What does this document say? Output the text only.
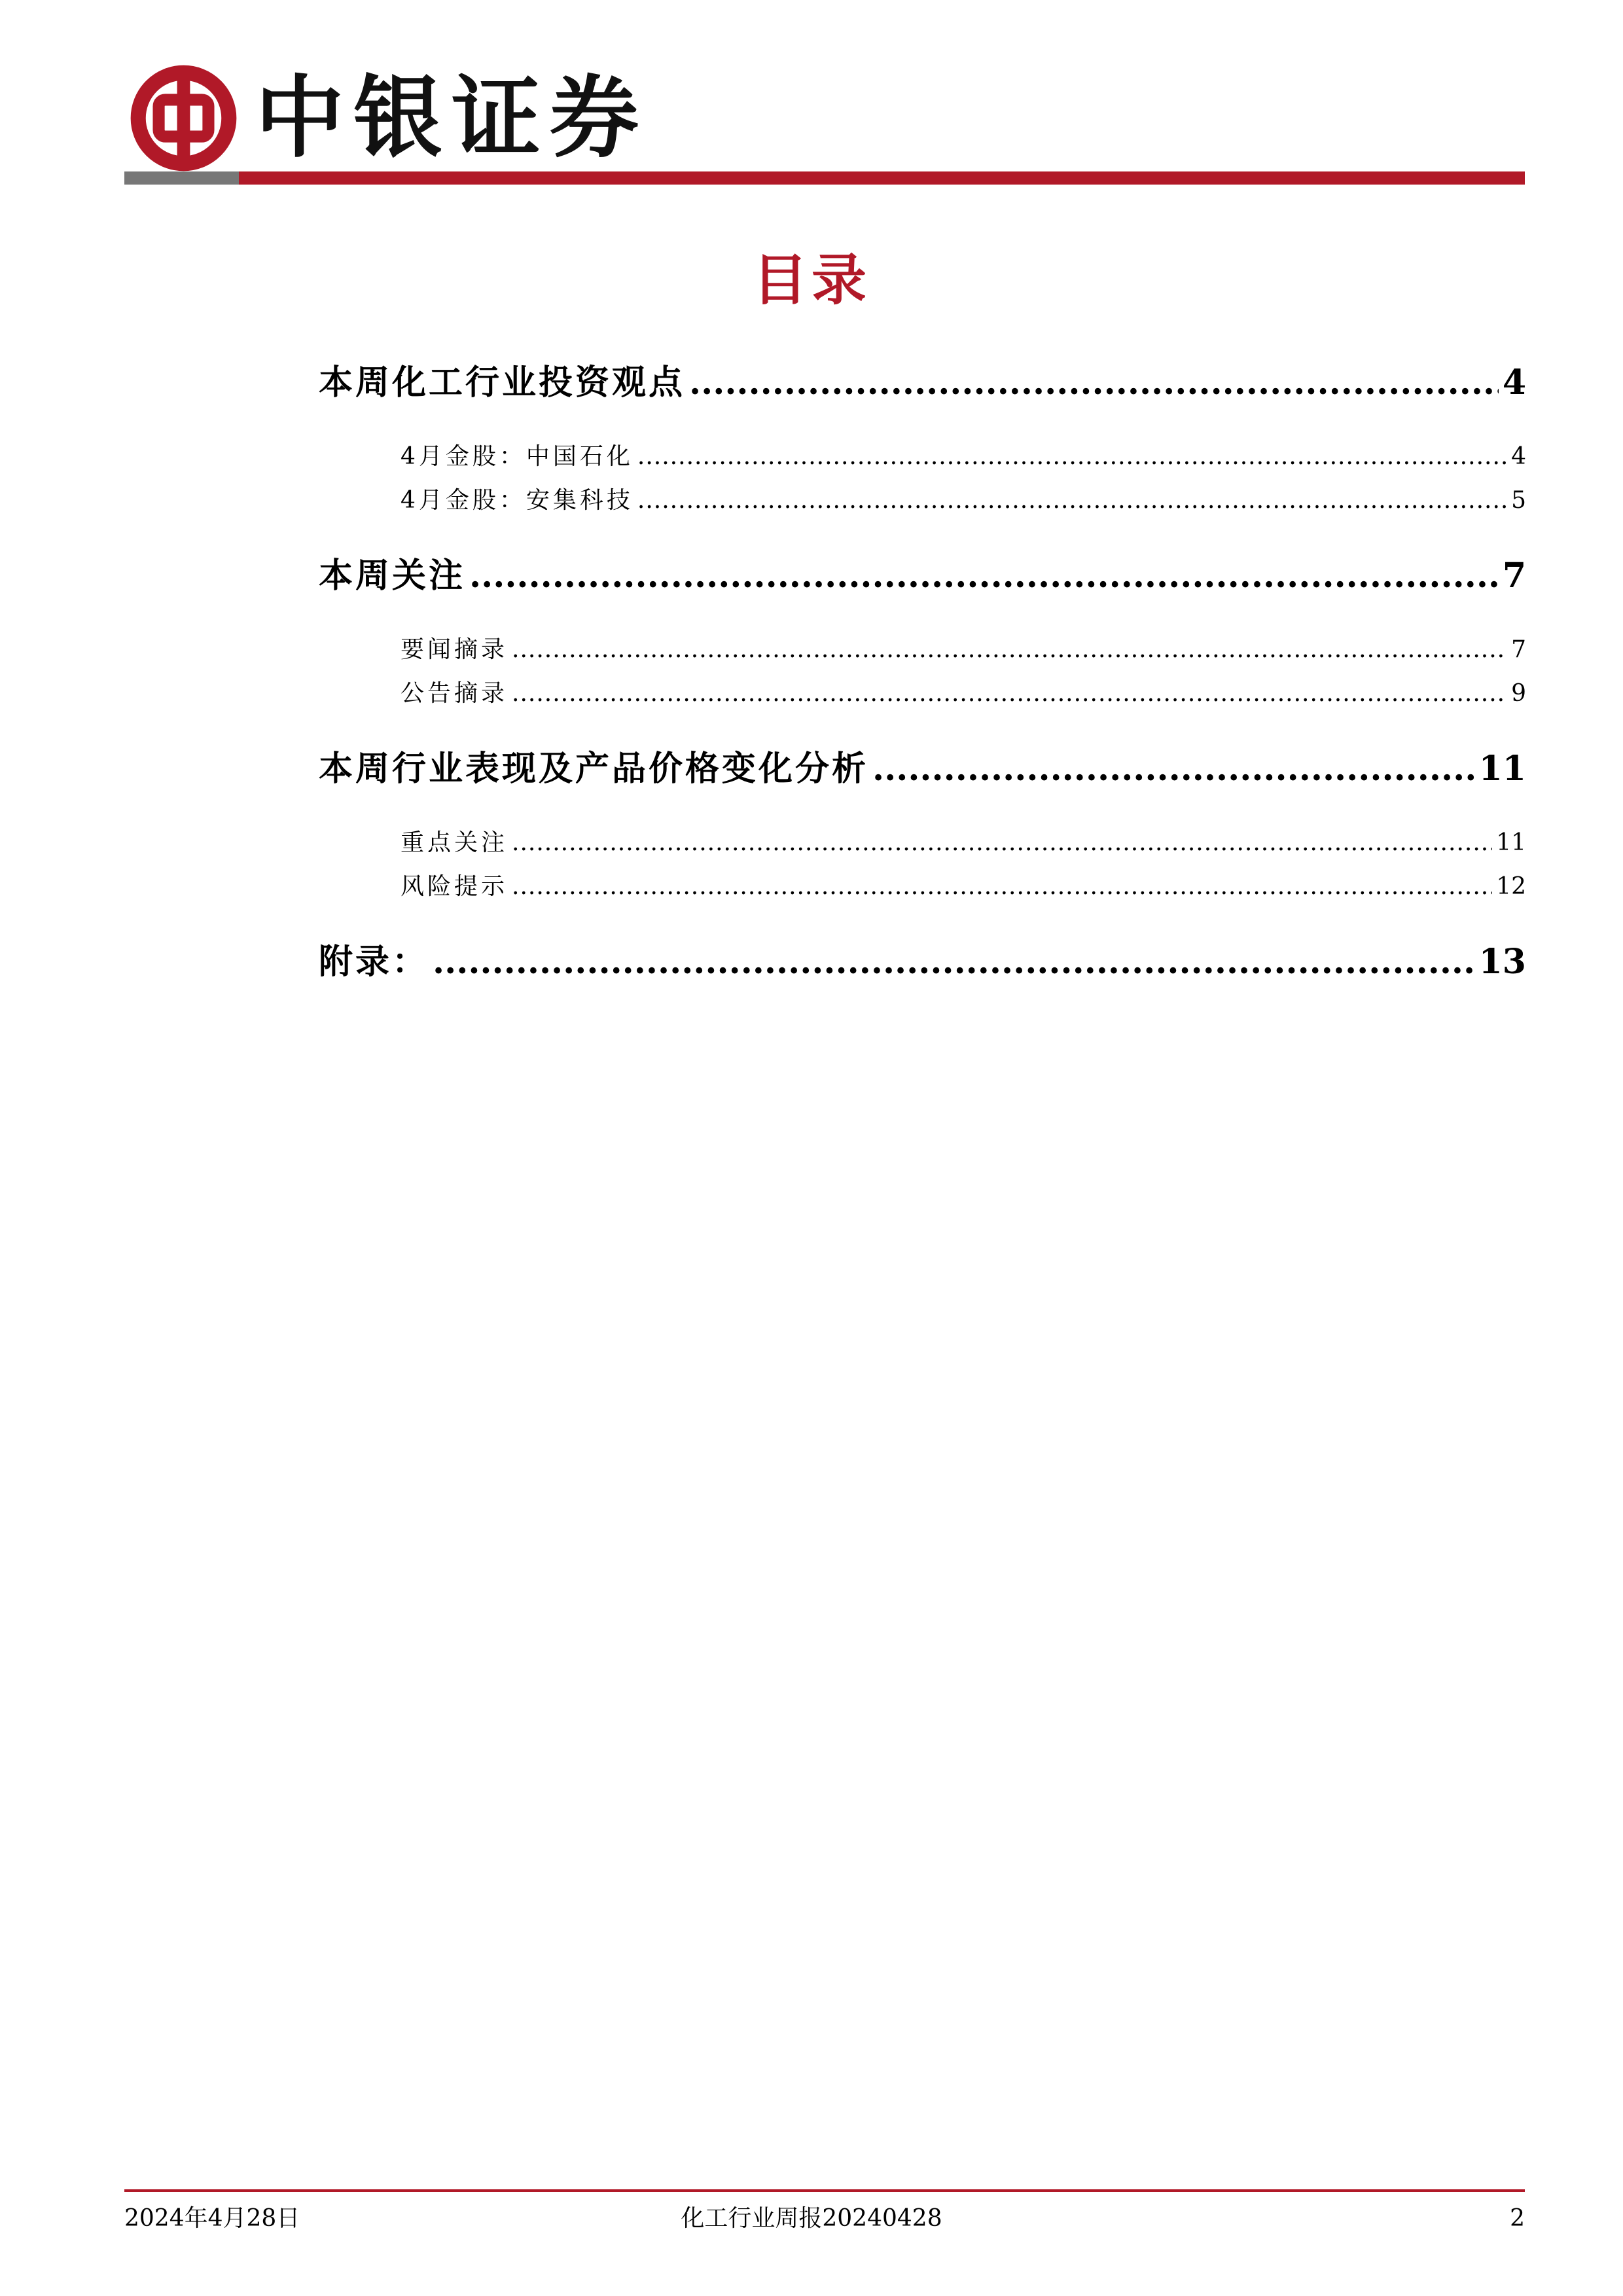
中银证券
目录
本周化工行业投资观点 .....	4
4月金股：中国石化 .....	4
4月金股：安集科技 .....	5
本周关注 .....	7
要闻摘录 .....	7
公告摘录 .....	9
本周行业表现及产品价格变化分析 .....	11
重点关注 .....	11
风险提示 .....	12
附录： .....	13
2024年4月28日	化工行业周报20240428	2
